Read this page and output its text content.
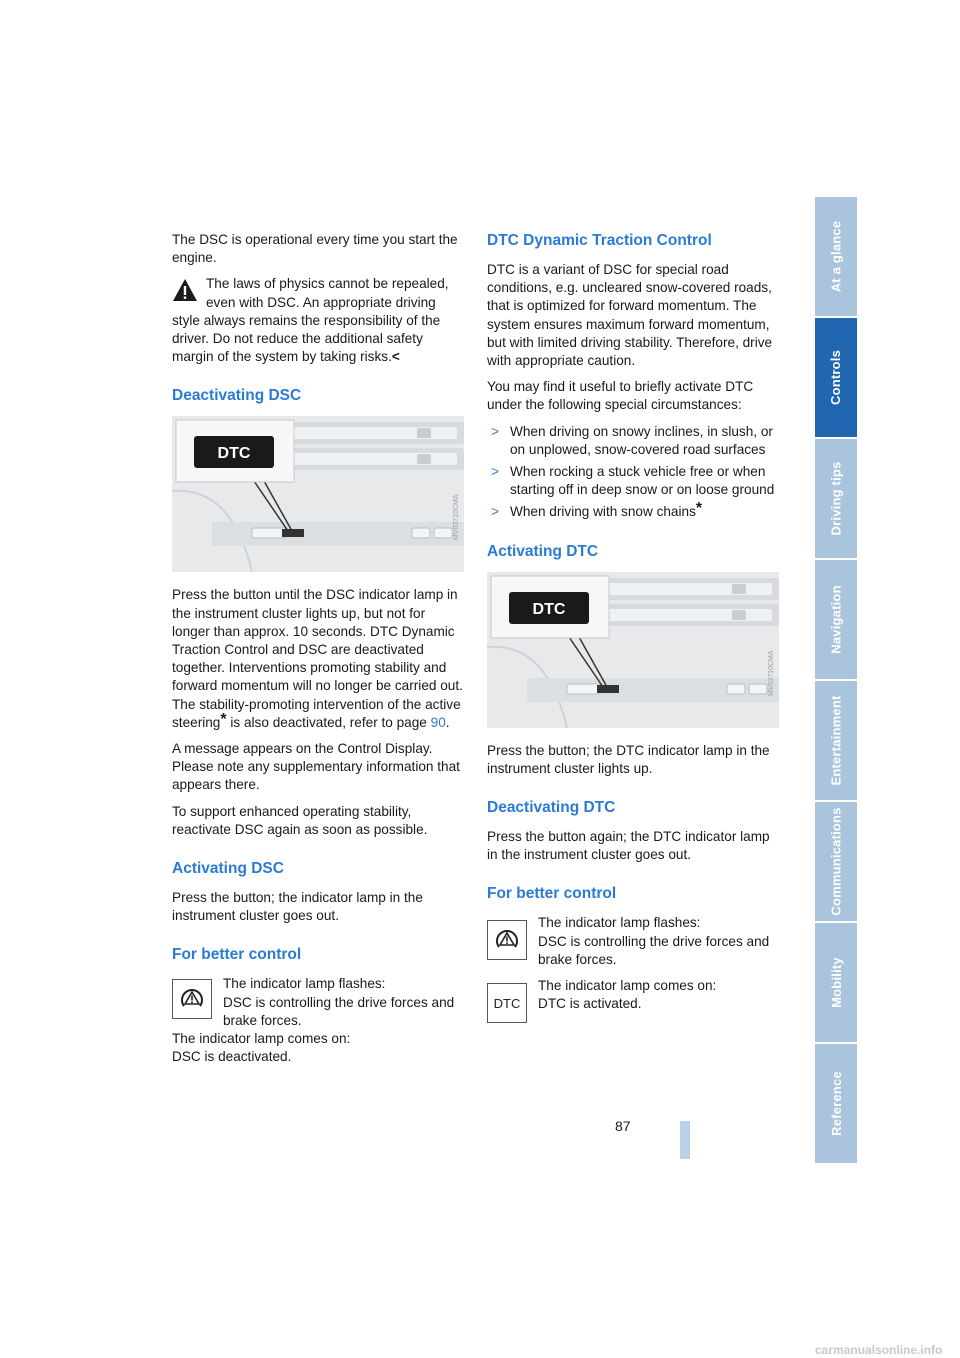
The DSC is operational every time you start the engine.

The laws of physics cannot be repealed, even with DSC. An appropriate driving
style always remains the responsibility of the driver. Do not reduce the additional safety margin of the system by taking risks.<
Deactivating DSC
DTC
MV03710CMA

Press the button until the DSC indicator lamp in the instrument cluster lights up, but not for longer than approx. 10 seconds. DTC Dynamic Traction Control and DSC are deactivated together. Interventions promoting stability and forward momentum will no longer be carried out. The stability-promoting intervention of the active steering* is also deactivated, refer to page 90.

A message appears on the Control Display. Please note any supplementary information that appears there.

To support enhanced operating stability, reactivate DSC again as soon as possible.

Activating DSC

Press the button; the indicator lamp in the instrument cluster goes out.

For better control
The indicator lamp flashes:
DSC is controlling the drive forces and brake forces.
The indicator lamp comes on:
DSC is deactivated.
DTC Dynamic Traction Control

DTC is a variant of DSC for special road conditions, e.g. uncleared snow-covered roads, that is optimized for forward momentum. The system ensures maximum forward momentum, but with limited driving stability. Therefore, drive with appropriate caution.

You may find it useful to briefly activate DTC under the following special circumstances:

> When driving on snowy inclines, in slush, or on unplowed, snow-covered road surfaces
> When rocking a stuck vehicle free or when starting off in deep snow or on loose ground
> When driving with snow chains*
Activating DTC
DTC
MV03710CMA

Press the button; the DTC indicator lamp in the instrument cluster lights up.

Deactivating DTC

Press the button again; the DTC indicator lamp in the instrument cluster goes out.

For better control
The indicator lamp flashes:
DSC is controlling the drive forces and brake forces.
DTC
The indicator lamp comes on:
DTC is activated.
At a glance
Controls
Driving tips
Navigation
Entertainment
Communications
Mobility
Reference
87
carmanualsonline.info
